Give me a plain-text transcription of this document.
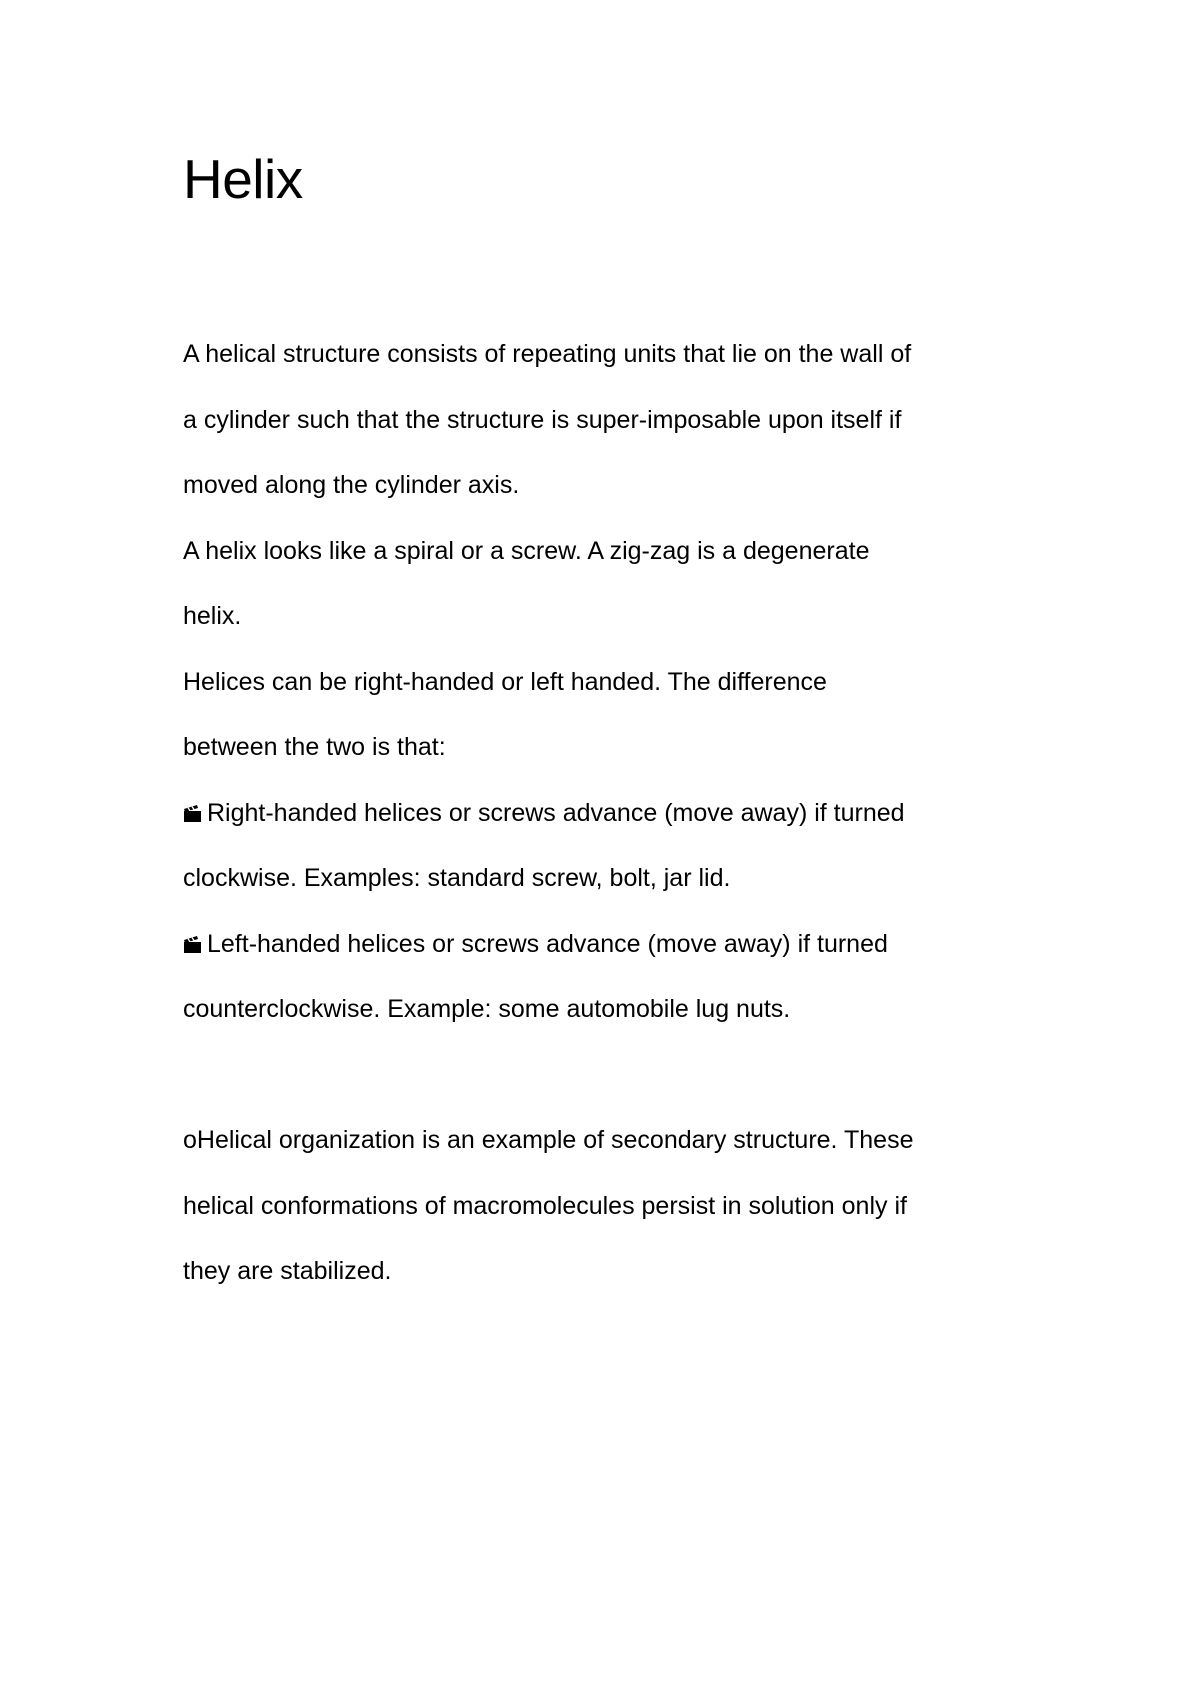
Helix
A helical structure consists of repeating units that lie on the wall of
a cylinder such that the structure is super-imposable upon itself if
moved along the cylinder axis.
A helix looks like a spiral or a screw. A zig-zag is a degenerate
helix.
Helices can be right-handed or left handed. The difference
between the two is that:
Right-handed helices or screws advance (move away) if turned
clockwise. Examples: standard screw, bolt, jar lid.
Left-handed helices or screws advance (move away) if turned
counterclockwise. Example: some automobile lug nuts.
oHelical organization is an example of secondary structure. These
helical conformations of macromolecules persist in solution only if
they are stabilized.
